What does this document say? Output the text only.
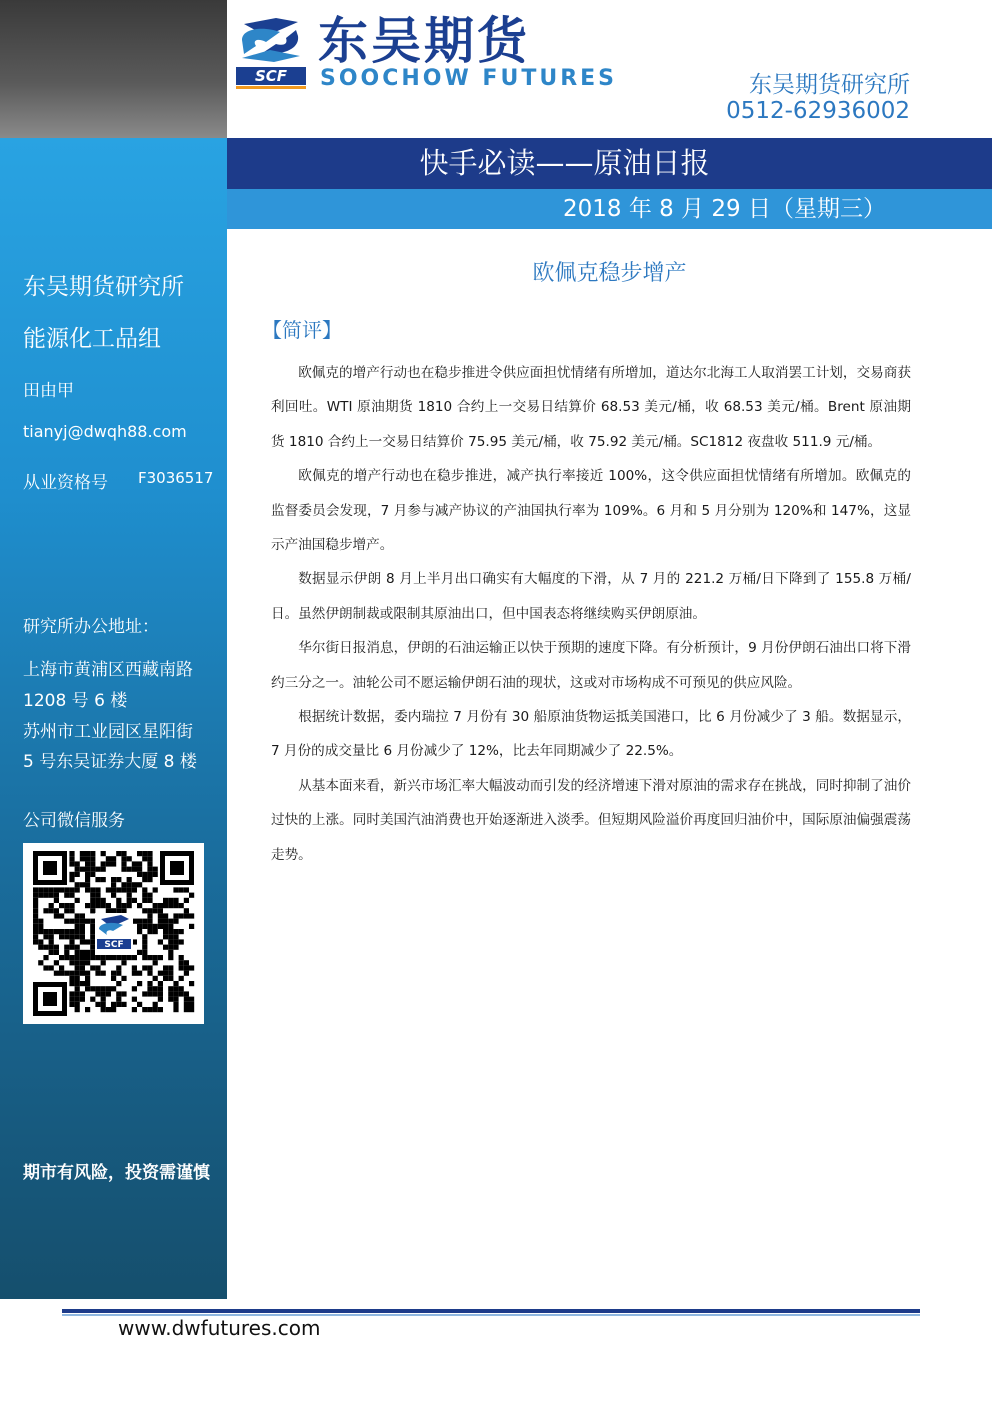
SCF
东吴期货
SOOCHOW FUTURES	东吴期货研究所
0512-62936002
快手必读——原油日报
2018 年 8 月 29 日（星期三）
东吴期货研究所
能源化工品组
田由甲
tianyj@dwqh88.com
从业资格号 F3036517
研究所办公地址：
上海市黄浦区西藏南路
1208 号 6 楼
苏州市工业园区星阳街
5 号东吴证券大厦 8 楼
公司微信服务
期市有风险，投资需谨慎
SCF
欧佩克稳步增产
【简评】

欧佩克的增产行动也在稳步推进令供应面担忧情绪有所增加，道达尔北海工人取消罢工计划，交易商获利回吐。WTI 原油期货 1810 合约上一交易日结算价 68.53 美元/桶，收 68.53 美元/桶。Brent 原油期货 1810 合约上一交易日结算价 75.95 美元/桶，收 75.92 美元/桶。SC1812 夜盘收 511.9 元/桶。

欧佩克的增产行动也在稳步推进，减产执行率接近 100%，这令供应面担忧情绪有所增加。欧佩克的监督委员会发现，7 月参与减产协议的产油国执行率为 109%。6 月和 5 月分别为 120%和 147%，这显示产油国稳步增产。

数据显示伊朗 8 月上半月出口确实有大幅度的下滑，从 7 月的 221.2 万桶/日下降到了 155.8 万桶/日。虽然伊朗制裁或限制其原油出口，但中国表态将继续购买伊朗原油。

华尔街日报消息，伊朗的石油运输正以快于预期的速度下降。有分析预计，9 月份伊朗石油出口将下滑约三分之一。油轮公司不愿运输伊朗石油的现状，这或对市场构成不可预见的供应风险。

根据统计数据，委内瑞拉 7 月份有 30 船原油货物运抵美国港口，比 6 月份减少了 3 船。数据显示，7 月份的成交量比 6 月份减少了 12%，比去年同期减少了 22.5%。

从基本面来看，新兴市场汇率大幅波动而引发的经济增速下滑对原油的需求存在挑战，同时抑制了油价过快的上涨。同时美国汽油消费也开始逐渐进入淡季。但短期风险溢价再度回归油价中，国际原油偏强震荡走势。

www.dwfutures.com
